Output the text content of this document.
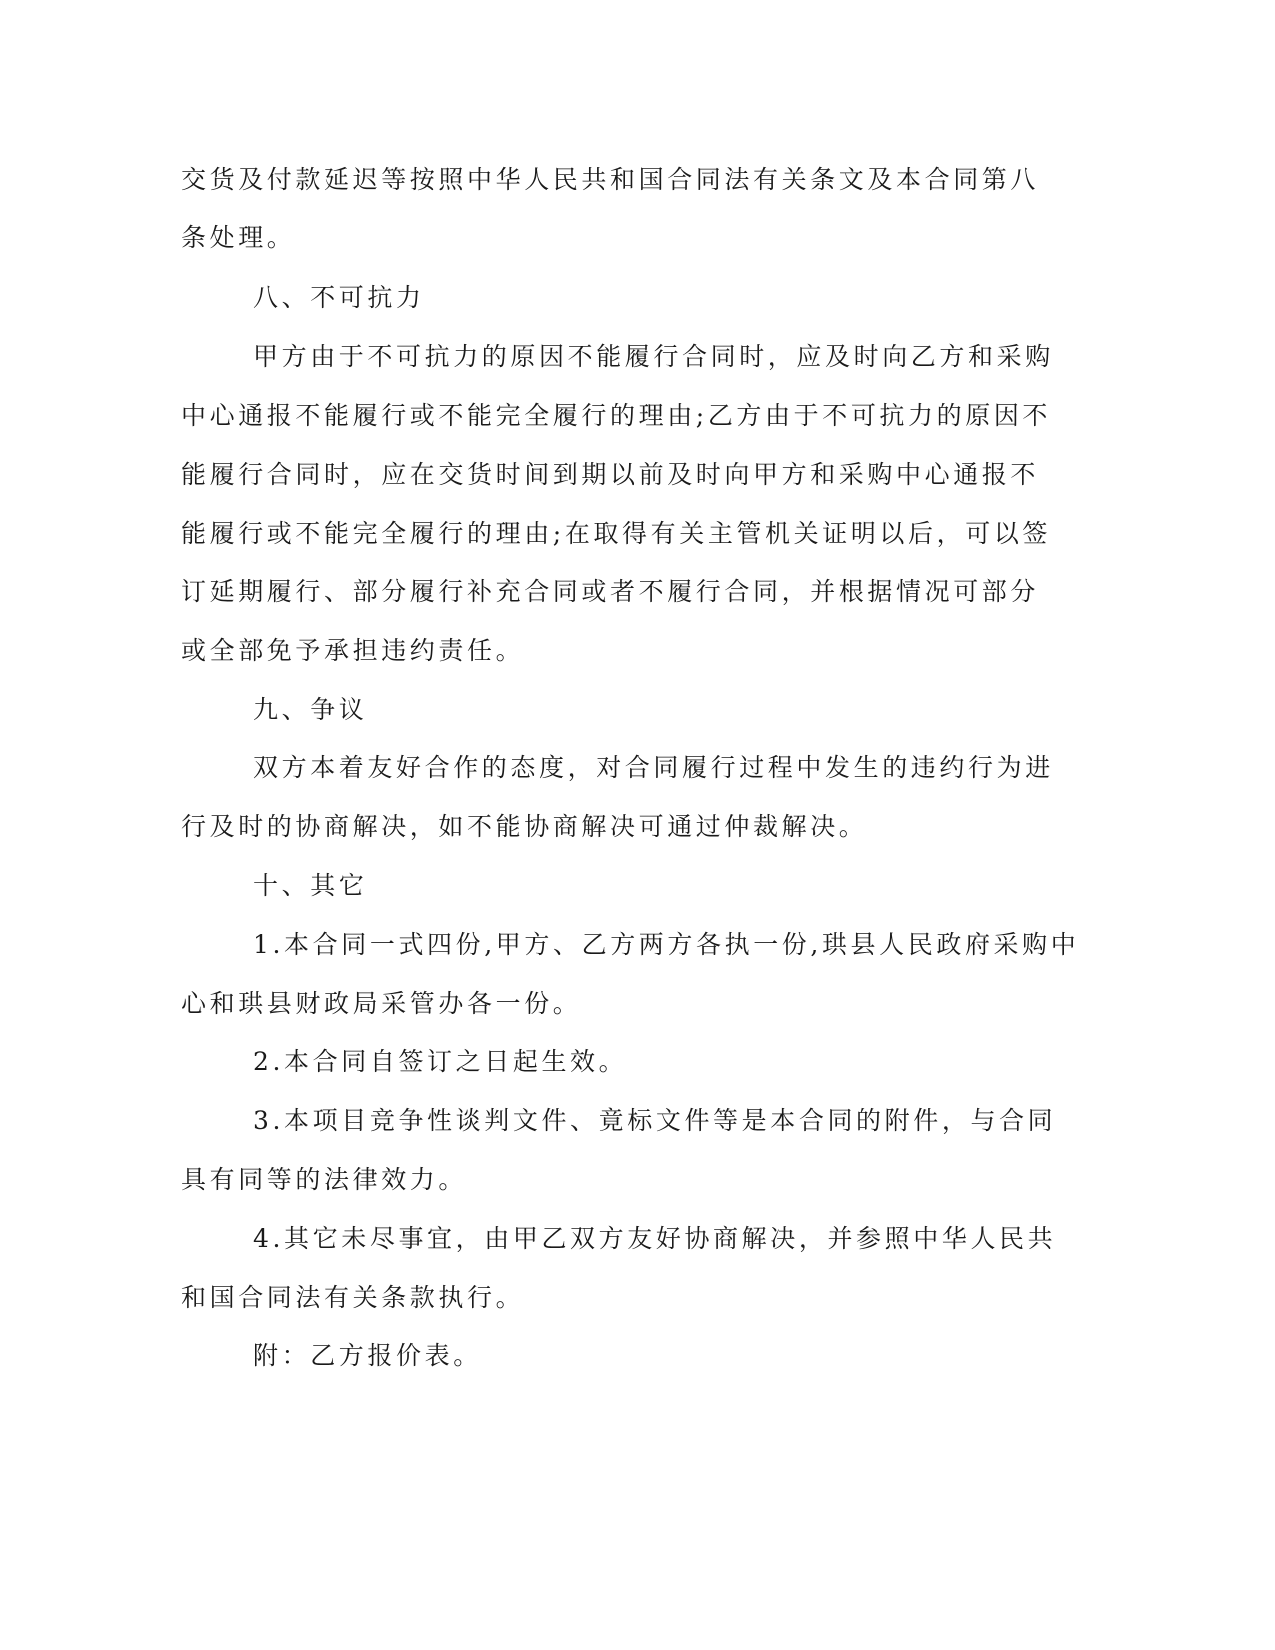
交货及付款延迟等按照中华人民共和国合同法有关条文及本合同第八
条处理。
八、不可抗力
甲方由于不可抗力的原因不能履行合同时，应及时向乙方和采购
中心通报不能履行或不能完全履行的理由;乙方由于不可抗力的原因不
能履行合同时，应在交货时间到期以前及时向甲方和采购中心通报不
能履行或不能完全履行的理由;在取得有关主管机关证明以后，可以签
订延期履行、部分履行补充合同或者不履行合同，并根据情况可部分
或全部免予承担违约责任。
九、争议
双方本着友好合作的态度，对合同履行过程中发生的违约行为进
行及时的协商解决，如不能协商解决可通过仲裁解决。
十、其它
1.本合同一式四份,甲方、乙方两方各执一份,珙县人民政府采购中
心和珙县财政局采管办各一份。
2.本合同自签订之日起生效。
3.本项目竞争性谈判文件、竟标文件等是本合同的附件，与合同
具有同等的法律效力。
4.其它未尽事宜，由甲乙双方友好协商解决，并参照中华人民共
和国合同法有关条款执行。
附：乙方报价表。
